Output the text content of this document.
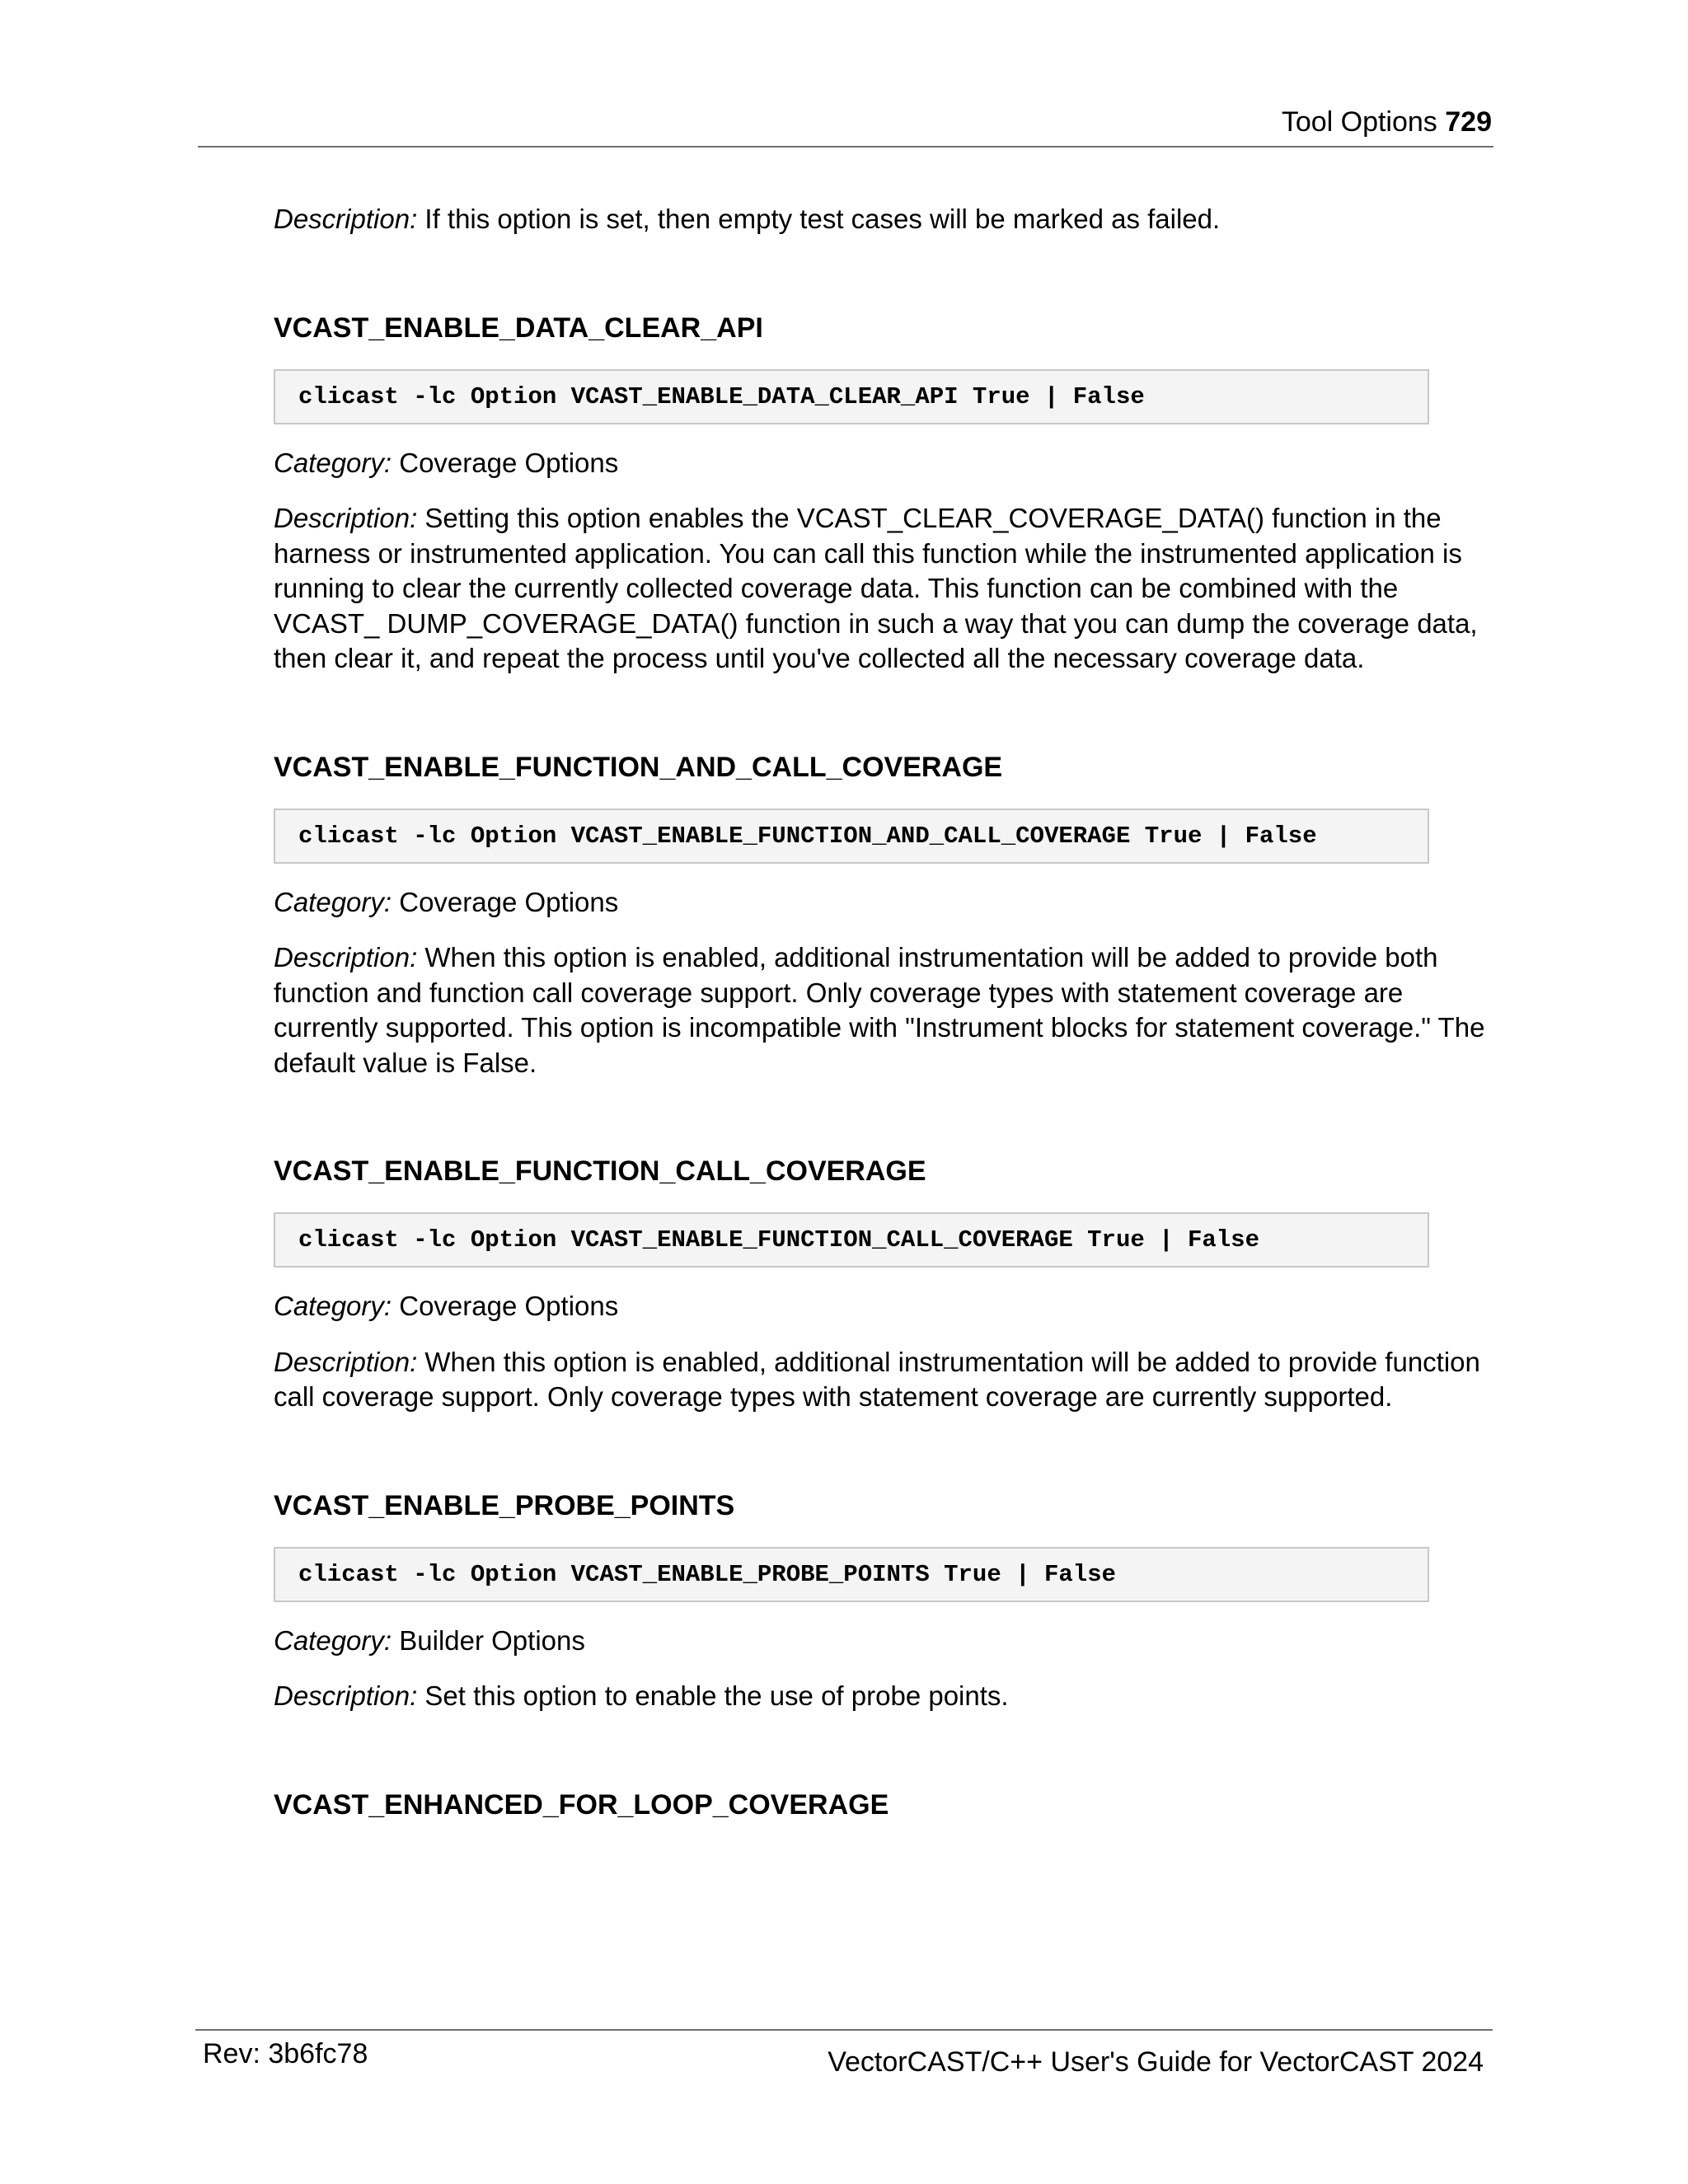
Tool Options 729

Description: If this option is set, then empty test cases will be marked as failed.

VCAST_ENABLE_DATA_CLEAR_API
clicast -lc Option VCAST_ENABLE_DATA_CLEAR_API True | False

Category: Coverage Options

Description: Setting this option enables the VCAST_CLEAR_COVERAGE_DATA() function in the harness or instrumented application. You can call this function while the instrumented application is running to clear the currently collected coverage data. This function can be combined with the VCAST_ DUMP_COVERAGE_DATA() function in such a way that you can dump the coverage data, then clear it, and repeat the process until you've collected all the necessary coverage data.

VCAST_ENABLE_FUNCTION_AND_CALL_COVERAGE
clicast -lc Option VCAST_ENABLE_FUNCTION_AND_CALL_COVERAGE True | False

Category: Coverage Options

Description: When this option is enabled, additional instrumentation will be added to provide both function and function call coverage support. Only coverage types with statement coverage are currently supported. This option is incompatible with "Instrument blocks for statement coverage." The default value is False.

VCAST_ENABLE_FUNCTION_CALL_COVERAGE
clicast -lc Option VCAST_ENABLE_FUNCTION_CALL_COVERAGE True | False

Category: Coverage Options

Description: When this option is enabled, additional instrumentation will be added to provide function call coverage support. Only coverage types with statement coverage are currently supported.

VCAST_ENABLE_PROBE_POINTS
clicast -lc Option VCAST_ENABLE_PROBE_POINTS True | False

Category: Builder Options

Description: Set this option to enable the use of probe points.

VCAST_ENHANCED_FOR_LOOP_COVERAGE
Rev: 3b6fc78	VectorCAST/C++ User's Guide for VectorCAST 2024
